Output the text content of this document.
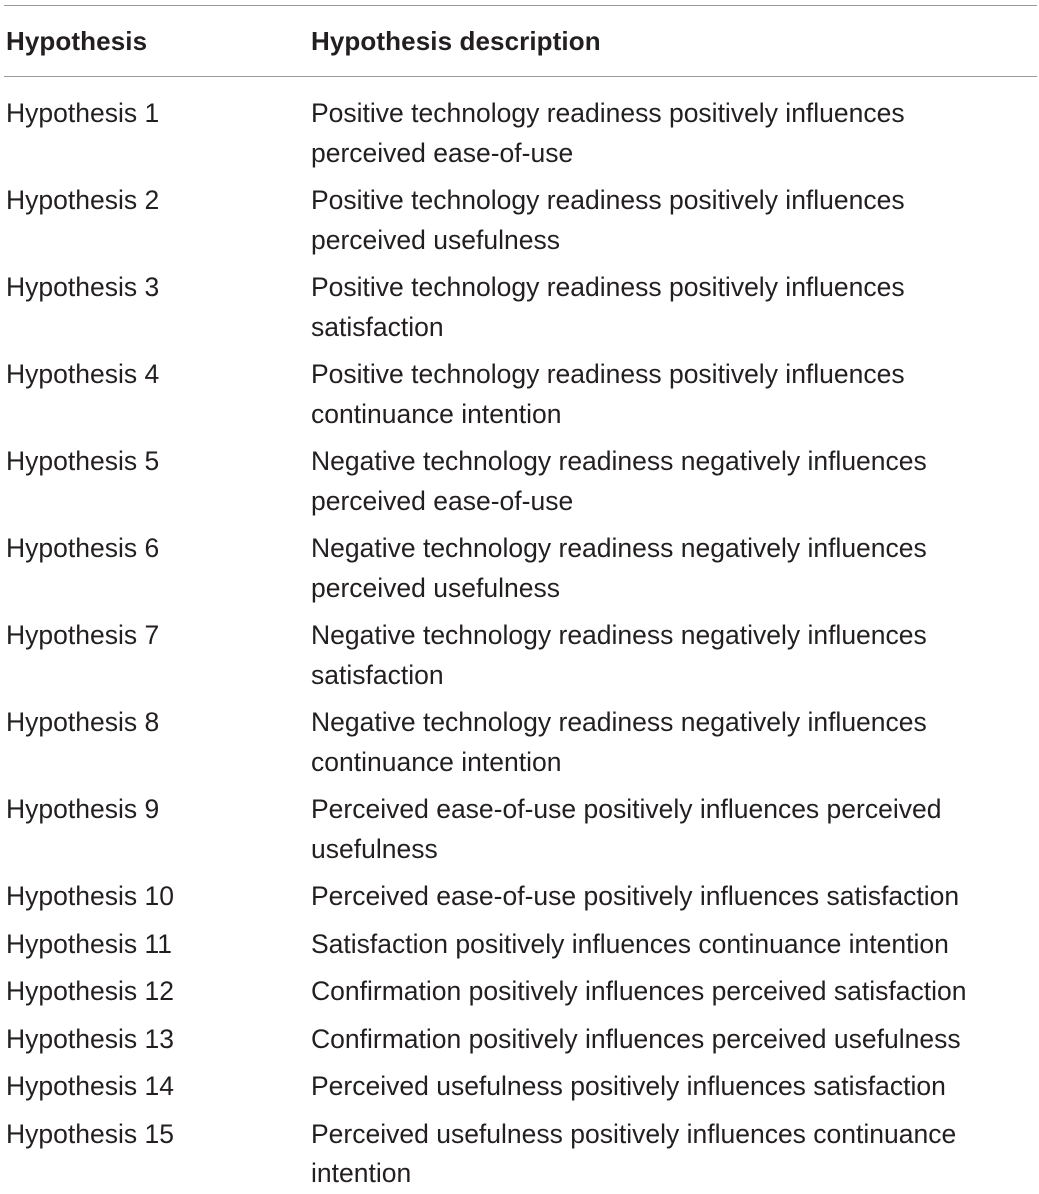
Hypothesis	Hypothesis description
Hypothesis 1	Positive technology readiness positively influences perceived ease-of-use
Hypothesis 2	Positive technology readiness positively influences perceived usefulness
Hypothesis 3	Positive technology readiness positively influences satisfaction
Hypothesis 4	Positive technology readiness positively influences continuance intention
Hypothesis 5	Negative technology readiness negatively influences perceived ease-of-use
Hypothesis 6	Negative technology readiness negatively influences perceived usefulness
Hypothesis 7	Negative technology readiness negatively influences satisfaction
Hypothesis 8	Negative technology readiness negatively influences continuance intention
Hypothesis 9	Perceived ease-of-use positively influences perceived usefulness
Hypothesis 10	Perceived ease-of-use positively influences satisfaction
Hypothesis 11	Satisfaction positively influences continuance intention
Hypothesis 12	Confirmation positively influences perceived satisfaction
Hypothesis 13	Confirmation positively influences perceived usefulness
Hypothesis 14	Perceived usefulness positively influences satisfaction
Hypothesis 15	Perceived usefulness positively influences continuance intention
